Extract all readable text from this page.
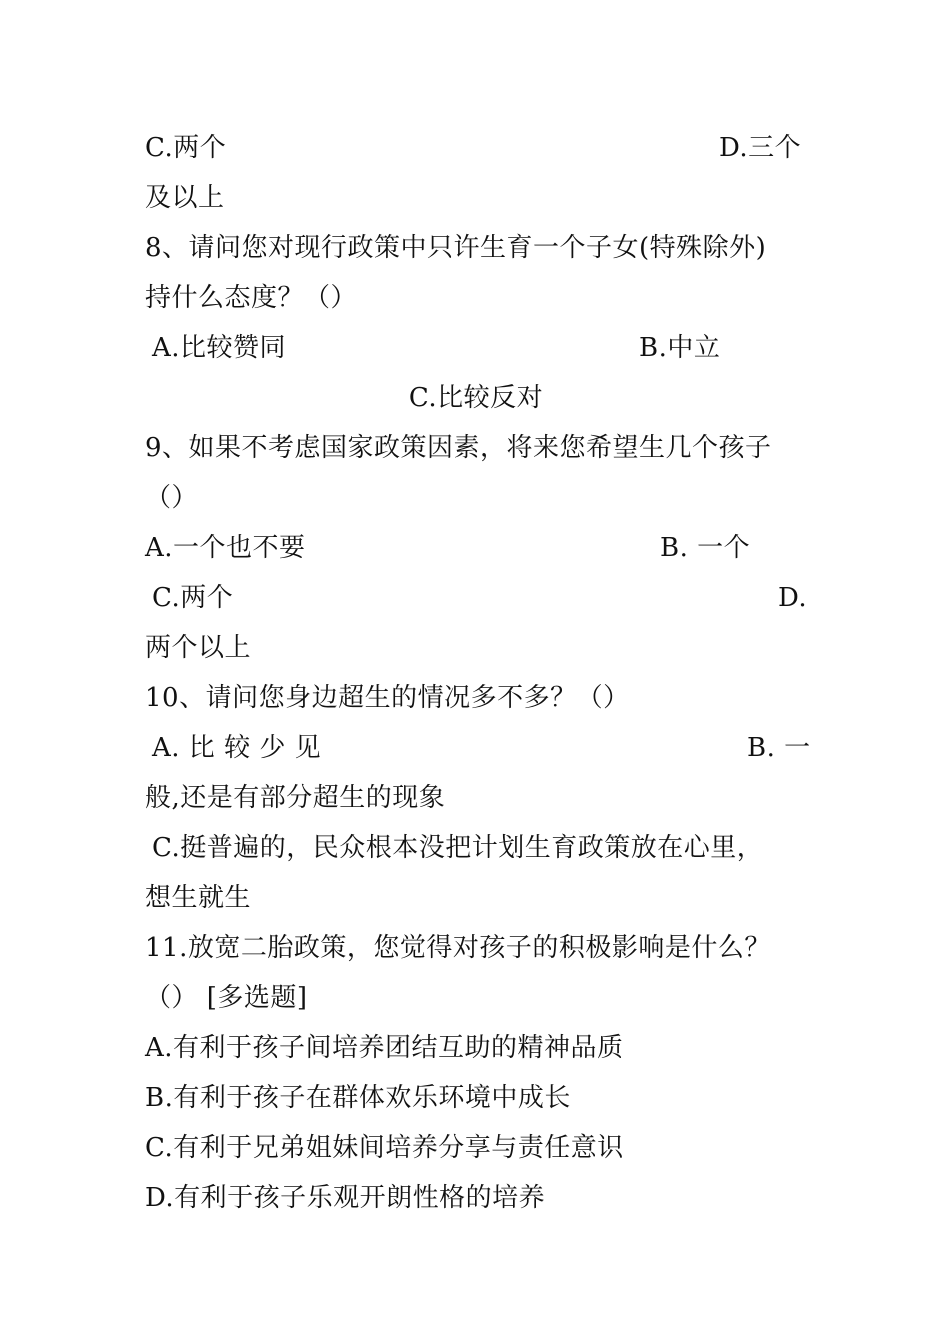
C.两个	D.三个
及以上
8、请问您对现行政策中只许生育一个子女(特殊除外)
持什么态度？（）
A.比较赞同	B.中立
C.比较反对
9、如果不考虑国家政策因素，将来您希望生几个孩子
（）
A.一个也不要	B. 一个
C.两个	D.
两个以上
10、请问您身边超生的情况多不多？（）
A. 比 较 少 见	B. 一
般,还是有部分超生的现象
C.挺普遍的，民众根本没把计划生育政策放在心里，
想生就生
11.放宽二胎政策，您觉得对孩子的积极影响是什么？
（） [多选题]
A.有利于孩子间培养团结互助的精神品质
B.有利于孩子在群体欢乐环境中成长
C.有利于兄弟姐妹间培养分享与责任意识
D.有利于孩子乐观开朗性格的培养
